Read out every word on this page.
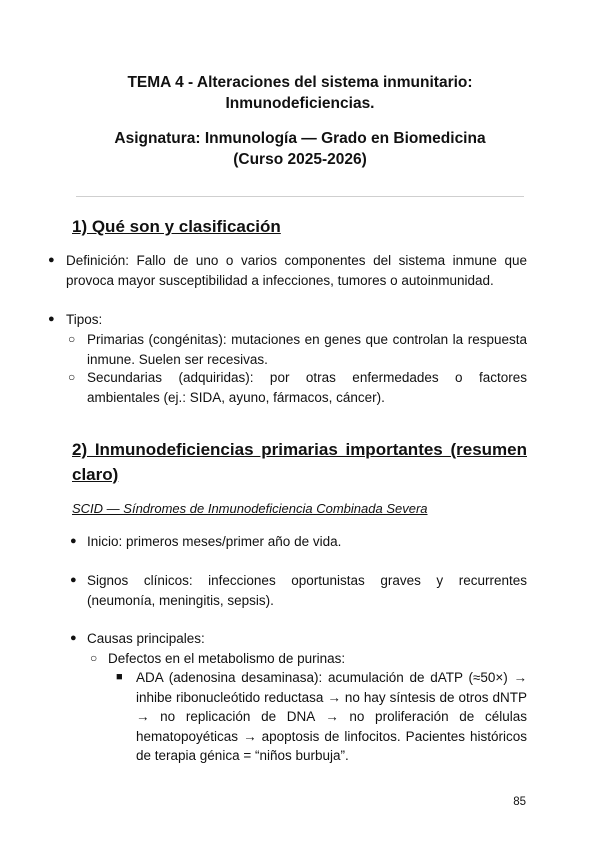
TEMA 4 - Alteraciones del sistema inmunitario: Inmunodeficiencias.

Asignatura: Inmunología — Grado en Biomedicina (Curso 2025-2026)

1) Qué son y clasificación

● Definición: Fallo de uno o varios componentes del sistema inmune que provoca mayor susceptibilidad a infecciones, tumores o autoinmunidad.

● Tipos:

○ Primarias (congénitas): mutaciones en genes que controlan la respuesta inmune. Suelen ser recesivas.

○ Secundarias (adquiridas): por otras enfermedades o factores ambientales (ej.: SIDA, ayuno, fármacos, cáncer).

2) Inmunodeficiencias primarias importantes (resumen claro)

SCID — Síndromes de Inmunodeficiencia Combinada Severa

● Inicio: primeros meses/primer año de vida.

● Signos clínicos: infecciones oportunistas graves y recurrentes (neumonía, meningitis, sepsis).

● Causas principales:

○ Defectos en el metabolismo de purinas:

■ ADA (adenosina desaminasa): acumulación de dATP (≈50×) → inhibe ribonucleótido reductasa → no hay síntesis de otros dNTP → no replicación de DNA → no proliferación de células hematopoyéticas → apoptosis de linfocitos. Pacientes históricos de terapia génica = “niños burbuja”.

85
